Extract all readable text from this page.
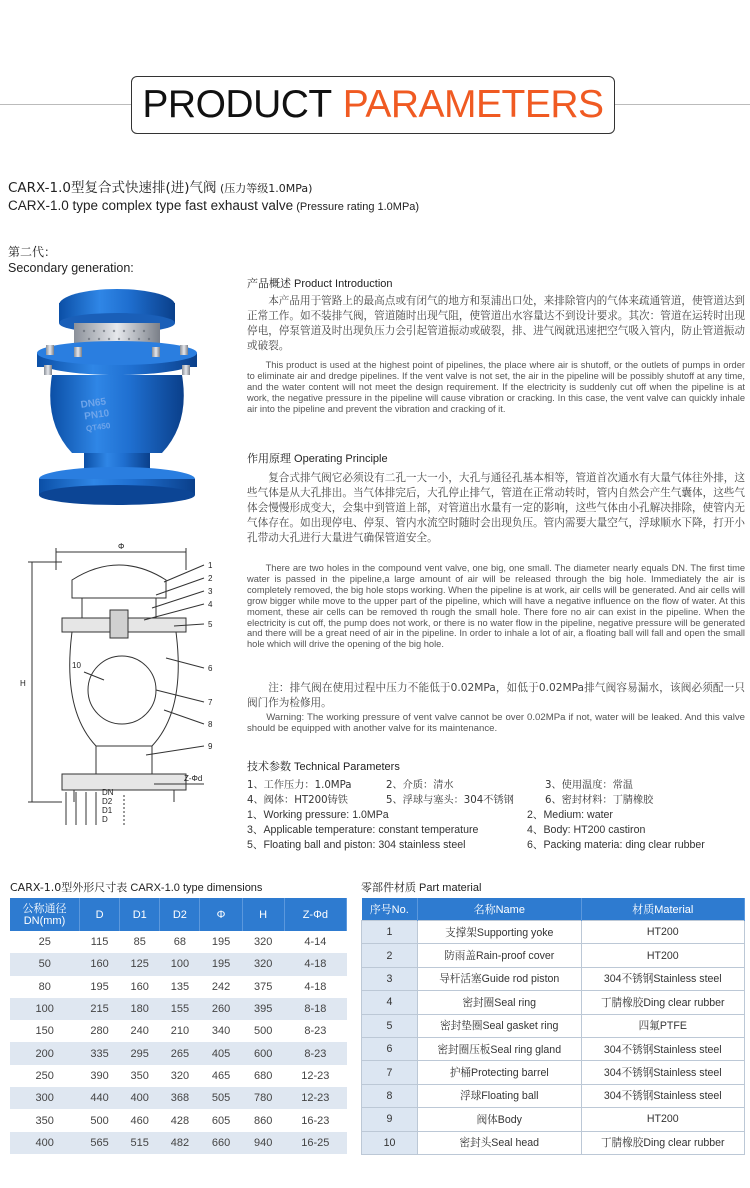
PRODUCT PARAMETERS
CARX-1.0型复合式快速排(进)气阀 (压力等级1.0MPa)
CARX-1.0 type complex type fast exhaust valve (Pressure rating 1.0MPa)
第二代：
Secondary generation:
DN65
PN10
QT450
Φ
H
10
1
2
3
4
5
6
7
8
9
Z-Φd
DN
D2
D1
D
产品概述 Product Introduction

本产品用于管路上的最高点或有闭气的地方和泵浦出口处，来排除管内的气体来疏通管道，使管道达到正常工作。如不装排气阀，管道随时出现气阻，使管道出水容量达不到设计要求。其次：管道在运转时出现停电，停泵管道及时出现负压力会引起管道振动或破裂，排、进气阀就迅速把空气吸入管内，防止管道振动或破裂。

This product is used at the highest point of pipelines, the place where air is shutoff, or the outlets of pumps in order to eliminate air and dredge pipelines. If the vent valve is not set, the air in the pipeline will be possibly shutoff at any time, and the water content will not meet the design requirement. If the electricity is suddenly cut off when the pipeline is at work, the negative pressure in the pipeline will cause vibration or cracking. In this case, the vent valve can quickly inhale air into the pipeline and prevent the vibration and cracking of it.

作用原理 Operating Principle

复合式排气阀它必须设有二孔一大一小，大孔与通径孔基本相等，管道首次通水有大量气体往外排，这些气体是从大孔排出。当气体排完后，大孔停止排气，管道在正常动转时，管内自然会产生气囊体，这些气体会慢慢形成变大，会集中到管道上部，对管道出水量有一定的影响，这些气体由小孔解决排除，使管内无气体存在。如出现停电、停泵、管内水流空时随时会出现负压。管内需要大量空气，浮球顺水下降，打开小孔带动大孔进行大量进气确保管道安全。

There are two holes in the compound vent valve, one big, one small. The diameter nearly equals DN. The first time water is passed in the pipeline,a large amount of air will be released through the big hole. Immediately the air is completely removed, the big hole stops working. When the pipeline is at work, air cells will be generated. And air cells will grow bigger while move to the upper part of the pipeline, which will have a negative influence on the flow of water. At this moment, these air cells can be removed th rough the small hole. There fore no air can exist in the pipeline. When the electricity is cut off, the pump does not work, or there is no water flow in the pipeline, negative pressure will be generated and there will be a great need of air in the pipeline. In order to inhale a lot of air, a floating ball will fall and open the small hole which will drive the opening of the big hole.

注：排气阀在使用过程中压力不能低于0.02MPa，如低于0.02MPa排气阀容易漏水，该阀必须配一只阀门作为检修用。

Warning: The working pressure of vent valve cannot be over 0.02MPa if not, water will be leaked. And this valve should be equipped with another valve for its maintenance.

技术参数 Technical Parameters
1、工作压力：1.0MPa	2、介质：清水	3、使用温度：常温
4、阀体：HT200铸铁	5、浮球与塞头：304不锈钢	6、密封材料：丁腈橡胶
1、Working pressure: 1.0MPa	2、Medium: water
3、Applicable temperature: constant temperature	4、Body: HT200 castiron
5、Floating ball and piston: 304 stainless steel	6、Packing materia: ding clear rubber
CARX-1.0型外形尺寸表 CARX-1.0 type dimensions
公称通径 DN(mm)	D	D1	D2	Φ	H	Z-Φd
25	115	85	68	195	320	4-14
50	160	125	100	195	320	4-18
80	195	160	135	242	375	4-18
100	215	180	155	260	395	8-18
150	280	240	210	340	500	8-23
200	335	295	265	405	600	8-23
250	390	350	320	465	680	12-23
300	440	400	368	505	780	12-23
350	500	460	428	605	860	16-23
400	565	515	482	660	940	16-25
零部件材质 Part material
序号No.	名称Name	材质Material
1	支撑架Supporting yoke	HT200
2	防雨盖Rain-proof cover	HT200
3	导杆活塞Guide rod piston	304不锈钢Stainless steel
4	密封圈Seal ring	丁腈橡胶Ding clear rubber
5	密封垫圈Seal gasket ring	四氟PTFE
6	密封圈压板Seal ring gland	304不锈钢Stainless steel
7	护桶Protecting barrel	304不锈钢Stainless steel
8	浮球Floating ball	304不锈钢Stainless steel
9	阀体Body	HT200
10	密封头Seal head	丁腈橡胶Ding clear rubber
